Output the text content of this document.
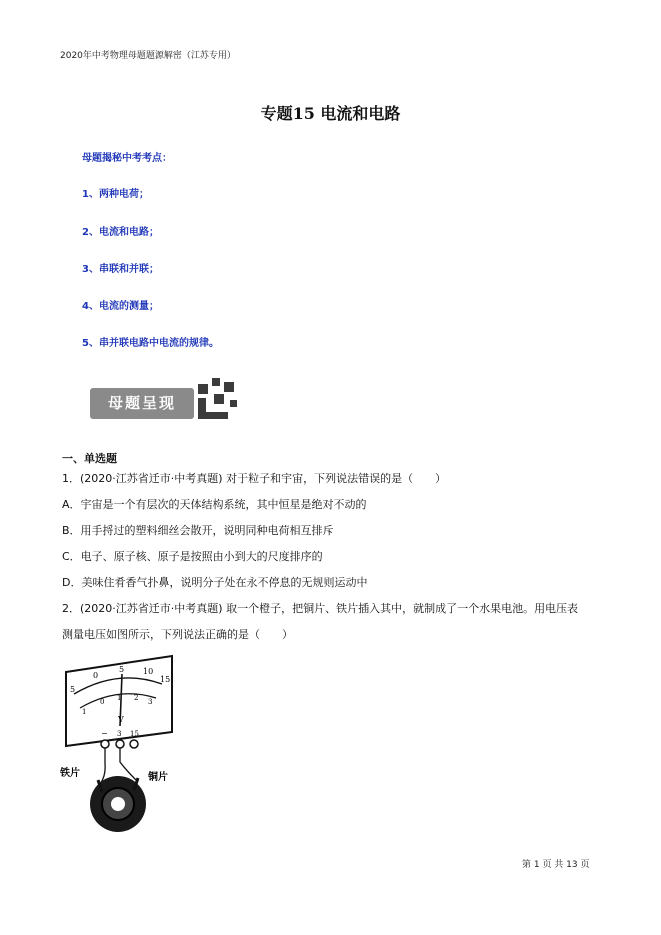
2020年中考物理母题题源解密（江苏专用）
专题15 电流和电路
母题揭秘中考考点：
1、两种电荷；
2、电流和电路；
3、串联和并联；
4、电流的测量；
5、串并联电路中电流的规律。
母题呈现
一、单选题
1．(2020·江苏省迁市·中考真题) 对于粒子和宇宙，下列说法错误的是（　　）
A．宇宙是一个有层次的天体结构系统，其中恒星是绝对不动的
B．用手捋过的塑料细丝会散开，说明同种电荷相互排斥
C．电子、原子核、原子是按照由小到大的尺度排序的
D．美味住肴香气扑鼻，说明分子处在永不停息的无规则运动中
2．(2020·江苏省迁市·中考真题) 取一个橙子，把铜片、铁片插入其中，就制成了一个水果电池。用电压表
测量电压如图所示，下列说法正确的是（　　）
5
0
5 10
15
1
0 1 2 3
V
− 3 15
铁片	铜片
第 1 页 共 13 页
